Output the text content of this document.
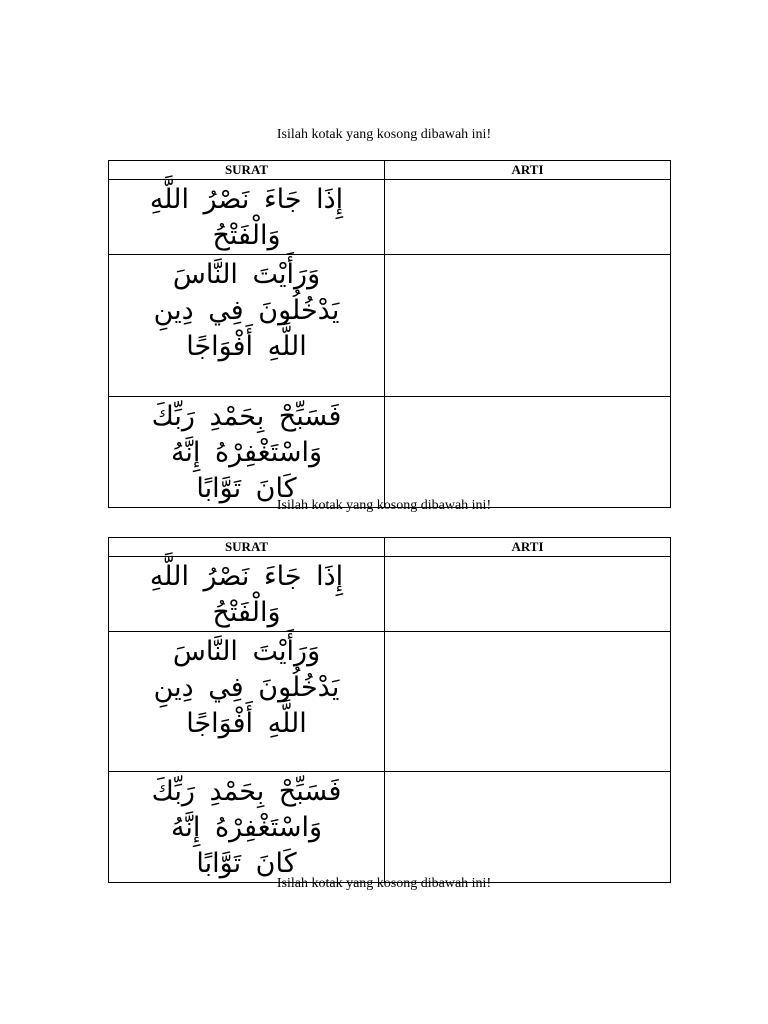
Isilah kotak yang kosong dibawah ini!
SURAT	ARTI

إِذَا جَاءَ نَصْرُ اللَّهِ
وَالْفَتْحُ	

وَرَأَيْتَ النَّاسَ
يَدْخُلُونَ فِي دِينِ
اللَّهِ أَفْوَاجًا	

فَسَبِّحْ بِحَمْدِ رَبِّكَ
وَاسْتَغْفِرْهُ إِنَّهُ
كَانَ تَوَّابًا	

Isilah kotak yang kosong dibawah ini!
SURAT	ARTI

إِذَا جَاءَ نَصْرُ اللَّهِ
وَالْفَتْحُ	

وَرَأَيْتَ النَّاسَ
يَدْخُلُونَ فِي دِينِ
اللَّهِ أَفْوَاجًا	

فَسَبِّحْ بِحَمْدِ رَبِّكَ
وَاسْتَغْفِرْهُ إِنَّهُ
كَانَ تَوَّابًا	

Isilah kotak yang kosong dibawah ini!
